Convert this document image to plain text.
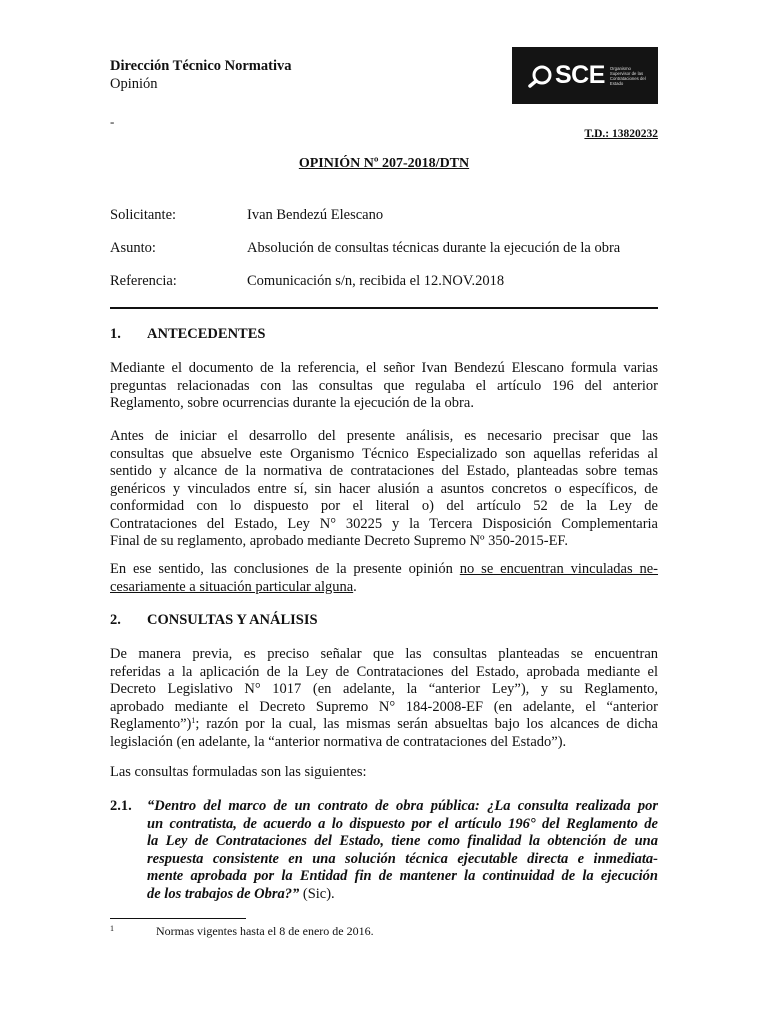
Dirección Técnico Normativa
Opinión	SCE Organismo Supervisor de las Contrataciones del Estado
-
T.D.: 13820232
OPINIÓN Nº 207-2018/DTN
Solicitante:	Ivan Bendezú Elescano
Asunto:	Absolución de consultas técnicas durante la ejecución de la obra
Referencia:	Comunicación s/n, recibida el 12.NOV.2018
1. ANTECEDENTES
Mediante el documento de la referencia, el señor Ivan Bendezú Elescano formula varias
preguntas relacionadas con las consultas que regulaba el artículo 196 del anterior
Reglamento, sobre ocurrencias durante la ejecución de la obra.
Antes de iniciar el desarrollo del presente análisis, es necesario precisar que las
consultas que absuelve este Organismo Técnico Especializado son aquellas referidas al
sentido y alcance de la normativa de contrataciones del Estado, planteadas sobre temas
genéricos y vinculados entre sí, sin hacer alusión a asuntos concretos o específicos, de
conformidad con lo dispuesto por el literal o) del artículo 52 de la Ley de
Contrataciones del Estado, Ley N° 30225 y la Tercera Disposición Complementaria
Final de su reglamento, aprobado mediante Decreto Supremo Nº 350-2015-EF.
En ese sentido, las conclusiones de la presente opinión no se encuentran vinculadas ne-
cesariamente a situación particular alguna.
2. CONSULTAS Y ANÁLISIS
De manera previa, es preciso señalar que las consultas planteadas se encuentran
referidas a la aplicación de la Ley de Contrataciones del Estado, aprobada mediante el
Decreto Legislativo N° 1017 (en adelante, la “anterior Ley”), y su Reglamento,
aprobado mediante el Decreto Supremo N° 184-2008-EF (en adelante, el “anterior
Reglamento”)$^1$; razón por la cual, las mismas serán absueltas bajo los alcances de dicha
legislación (en adelante, la “anterior normativa de contrataciones del Estado”).
Las consultas formuladas son las siguientes:
2.1. “Dentro del marco de un contrato de obra pública: ¿La consulta realizada por
un contratista, de acuerdo a lo dispuesto por el artículo 196° del Reglamento de
la Ley de Contrataciones del Estado, tiene como finalidad la obtención de una
respuesta consistente en una solución técnica ejecutable directa e inmediata-
mente aprobada por la Entidad fin de mantener la continuidad de la ejecución
de los trabajos de Obra?” (Sic).
1	Normas vigentes hasta el 8 de enero de 2016.
